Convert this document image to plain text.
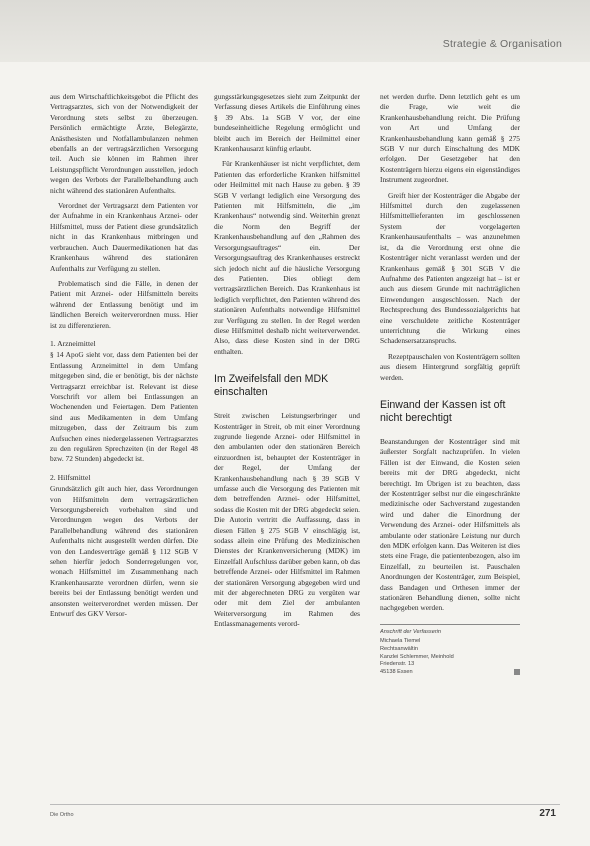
Strategie & Organisation

aus dem Wirtschaftlichkeitsgebot die Pflicht des Vertragsarztes, sich von der Notwendigkeit der Verordnung stets selbst zu überzeugen. Persönlich ermächtigte Ärzte, Belegärzte, Anästhesisten und Notfallambulanzen nehmen ebenfalls an der vertragsärztlichen Versorgung teil. Auch sie können im Rahmen ihrer Leistungspflicht Verordnungen ausstellen, jedoch wegen des Verbots der Parallelbehandlung auch nicht während des stationären Aufenthalts.

Verordnet der Vertragsarzt dem Patienten vor der Aufnahme in ein Krankenhaus Arznei- oder Hilfsmittel, muss der Patient diese grundsätzlich nicht in das Krankenhaus mitbringen und verbrauchen. Auch Dauermedikationen hat das Krankenhaus während des stationären Aufenthalts zur Verfügung zu stellen.

Problematisch sind die Fälle, in denen der Patient mit Arznei- oder Hilfsmitteln bereits während der Entlassung benötigt und im ländlichen Bereich weiterverordnen muss. Hier ist zu differenzieren.

1. Arzneimittel

§ 14 ApoG sieht vor, dass dem Patienten bei der Entlassung Arzneimittel in dem Umfang mitgegeben sind, die er benötigt, bis der nächste Vertragsarzt erreichbar ist. Relevant ist diese Vorschrift vor allem bei Entlassungen an Wochenenden und Feiertagen. Dem Patienten sind aus Medikamenten in dem Umfang mitzugeben, dass der Zeitraum bis zum Aufsuchen eines niedergelassenen Vertragsarztes zu den regulären Sprechzeiten (in der Regel 48 bzw. 72 Stunden) abgedeckt ist.

2. Hilfsmittel

Grundsätzlich gilt auch hier, dass Verordnungen von Hilfsmitteln dem vertragsärztlichen Versorgungsbereich vorbehalten sind und Verordnungen wegen des Verbots der Parallelbehandlung während des stationären Aufenthalts nicht ausgestellt werden dürfen. Die von den Landesverträge gemäß § 112 SGB V sehen hierfür jedoch Sonderregelungen vor, wonach Hilfsmittel im Zusammenhang nach Krankenhausarzte verordnen dürfen, wenn sie bereits bei der Entlassung benötigt werden und ansonsten weiterverordnet werden müssen. Der Entwurf des GKV Versor-

gungsstärkungsgesetzes sieht zum Zeitpunkt der Verfassung dieses Artikels die Einführung eines § 39 Abs. 1a SGB V vor, der eine bundeseinheitliche Regelung ermöglicht und bleibt auch im Bereich der Heilmittel einer Krankenhausarzt künftig erlaubt.

Für Krankenhäuser ist nicht verpflichtet, dem Patienten das erforderliche Kranken hilfsmittel oder Heilmittel mit nach Hause zu geben. § 39 SGB V verlangt lediglich eine Versorgung des Patienten mit Hilfsmitteln, die „im Krankenhaus“ notwendig sind. Weiterhin grenzt die Norm den Begriff der Krankenhausbehandlung auf den „Rahmen des Versorgungsauftrages“ ein. Der Versorgungsauftrag des Krankenhauses erstreckt sich jedoch nicht auf die häusliche Versorgung des Patienten. Dies obliegt dem vertragsärztlichen Bereich. Das Krankenhaus ist lediglich verpflichtet, den Patienten während des stationären Aufenthalts notwendige Hilfsmittel zur Verfügung zu stellen. In der Regel werden diese Hilfsmittel deshalb nicht weiterverwendet. Also, dass diese Kosten sind in der DRG enthalten.

Im Zweifelsfall den MDK einschalten

Streit zwischen Leistungserbringer und Kostenträger in Streit, ob mit einer Verordnung zugrunde liegende Arznei- oder Hilfsmittel in den ambulanten oder den stationären Bereich einzuordnen ist, behauptet der Kostenträger in der Regel, der Umfang der Krankenhausbehandlung nach § 39 SGB V umfasse auch die Versorgung des Patienten mit dem betreffenden Arznei- oder Hilfsmittel, sodass die Kosten mit der DRG abgedeckt seien. Die Autorin vertritt die Auffassung, dass in diesen Fällen § 275 SGB V einschlägig ist, sodass allein eine Prüfung des Medizinischen Dienstes der Krankenversicherung (MDK) im Einzelfall Aufschluss darüber geben kann, ob das betreffende Arznei- oder Hilfsmittel im Rahmen der stationären Versorgung abgegeben wird und mit der abgerechneten DRG zu vergüten war oder mit dem Ziel der ambulanten Weiterversorgung im Rahmen des Entlassmanagements verord-

net werden durfte. Denn letztlich geht es um die Frage, wie weit die Krankenhausbehandlung reicht. Die Prüfung von Art und Umfang der Krankenhausbehandlung kann gemäß § 275 SGB V nur durch Einschaltung des MDK erfolgen. Der Gesetzgeber hat den Kostenträgern hierzu eigens ein eigenständiges Instrument zugeordnet.

Greift hier der Kostenträger die Abgabe der Hilfsmittel durch den zugelassenen Hilfsmittellieferanten im geschlossenen System der vorgelagerten Krankenhausaufenthalts – was anzunehmen ist, da die Verordnung erst ohne die Kostenträger nicht veranlasst werden und der Krankenhaus gemäß § 301 SGB V die Aufnahme des Patienten angezeigt hat – ist er auch aus diesem Grunde mit nachträglichen Einwendungen ausgeschlossen. Nach der Rechtsprechung des Bundessozialgerichts hat eine verschuldete zeitliche Kostenträger unterrichtung die Wirkung eines Schadensersatzanspruchs.

Rezeptpauschalen von Kostenträgern sollten aus diesem Hintergrund sorgfältig geprüft werden.

Einwand der Kassen ist oft nicht berechtigt

Beanstandungen der Kostenträger sind mit äußerster Sorgfalt nachzuprüfen. In vielen Fällen ist der Einwand, die Kosten seien bereits mit der DRG abgedeckt, nicht berechtigt. Im Übrigen ist zu beachten, dass der Kostenträger selbst nur die eingeschränkte medizinische oder Sachverstand zugestanden wird und daher die Einordnung der Verwendung des Arznei- oder Hilfsmittels als ambulante oder stationäre Leistung nur durch den MDK erfolgen kann. Das Weiteren ist dies stets eine Frage, die patientenbezogen, also im Einzelfall, zu beurteilen ist. Pauschalen Anordnungen der Kostenträger, zum Beispiel, dass Bandagen und Orthesen immer der stationären Behandlung dienen, sollte nicht nachgegeben werden.

Anschrift der Verfasserin
Michaela Tiemel
Rechtsanwältin
Kanzlei Schlemmer, Meinhold
Friedenstr. 13
45138 Essen
Die Ortho	271
